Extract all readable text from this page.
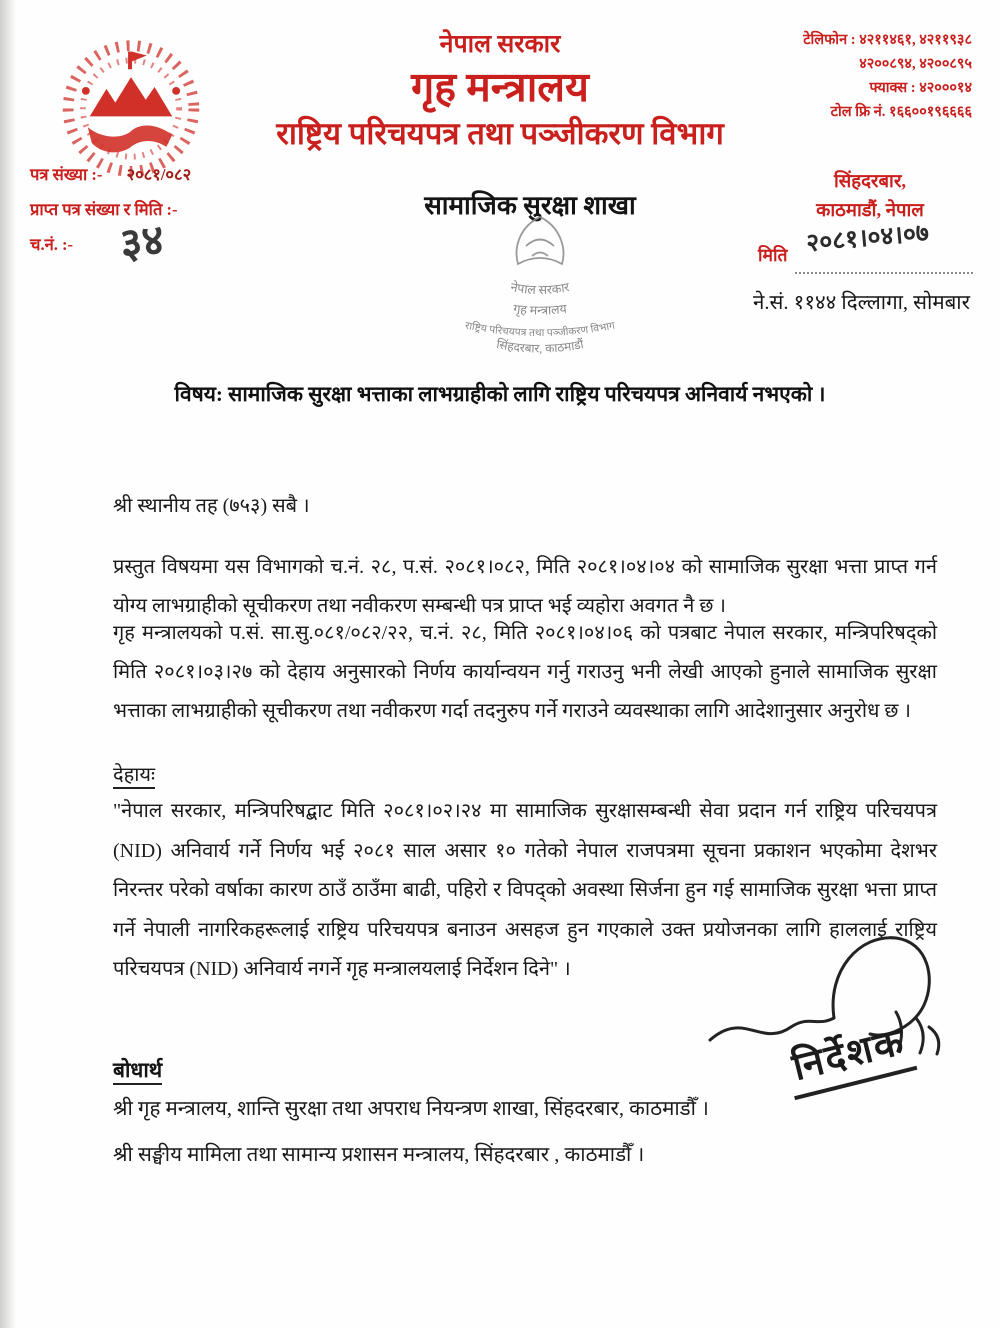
नेपाल सरकार
गृह मन्त्रालय
राष्ट्रिय परिचयपत्र तथा पञ्जीकरण विभाग
टेलिफोन : ४२११४६१, ४२११९३८
४२००८९४, ४२००८९५
फ्याक्स : ४२०००१४
टोल फ्रि नं. १६६००१९६६६६
पत्र संख्या :- २०८१/०८२
प्राप्त पत्र संख्या र मिति :-
च.नं. :- ३४
सामाजिक सुरक्षा शाखा
नेपाल सरकार
गृह मन्त्रालय
राष्ट्रिय परिचयपत्र तथा पञ्जीकरण विभाग
सिंहदरबार, काठमाडौं
सिंहदरबार,
काठमाडौं, नेपाल
मिति २०८१।०४।०७
ने.सं. ११४४ दिल्लागा, सोमबार
विषय: सामाजिक सुरक्षा भत्ताका लाभग्राहीको लागि राष्ट्रिय परिचयपत्र अनिवार्य नभएको ।
श्री स्थानीय तह (७५३) सबै ।
प्रस्तुत विषयमा यस विभागको च.नं. २८, प.सं. २०८१।०८२, मिति २०८१।०४।०४ को सामाजिक सुरक्षा भत्ता प्राप्त गर्न योग्य लाभग्राहीको सूचीकरण तथा नवीकरण सम्बन्धी पत्र प्राप्त भई व्यहोरा अवगत नै छ ।
गृह मन्त्रालयको प.सं. सा.सु.०८१/०८२/२२, च.नं. २८, मिति २०८१।०४।०६ को पत्रबाट नेपाल सरकार, मन्त्रिपरिषद्को मिति २०८१।०३।२७ को देहाय अनुसारको निर्णय कार्यान्वयन गर्नु गराउनु भनी लेखी आएको हुनाले सामाजिक सुरक्षा भत्ताका लाभग्राहीको सूचीकरण तथा नवीकरण गर्दा तदनुरुप गर्ने गराउने व्यवस्थाका लागि आदेशानुसार अनुरोध छ ।
देहायः
"नेपाल सरकार, मन्त्रिपरिषद्बाट मिति २०८१।०२।२४ मा सामाजिक सुरक्षासम्बन्धी सेवा प्रदान गर्न राष्ट्रिय परिचयपत्र (NID) अनिवार्य गर्ने निर्णय भई २०८१ साल असार १० गतेको नेपाल राजपत्रमा सूचना प्रकाशन भएकोमा देशभर निरन्तर परेको वर्षाका कारण ठाउँ ठाउँमा बाढी, पहिरो र विपद्को अवस्था सिर्जना हुन गई सामाजिक सुरक्षा भत्ता प्राप्त गर्ने नेपाली नागरिकहरूलाई राष्ट्रिय परिचयपत्र बनाउन असहज हुन गएकाले उक्त प्रयोजनका लागि हाललाई राष्ट्रिय परिचयपत्र (NID) अनिवार्य नगर्ने गृह मन्त्रालयलाई निर्देशन दिने" ।
निर्देशक
बोधार्थ
श्री गृह मन्त्रालय, शान्ति सुरक्षा तथा अपराध नियन्त्रण शाखा, सिंहदरबार, काठमाडौँ ।
श्री सङ्घीय मामिला तथा सामान्य प्रशासन मन्त्रालय, सिंहदरबार , काठमाडौँ ।
